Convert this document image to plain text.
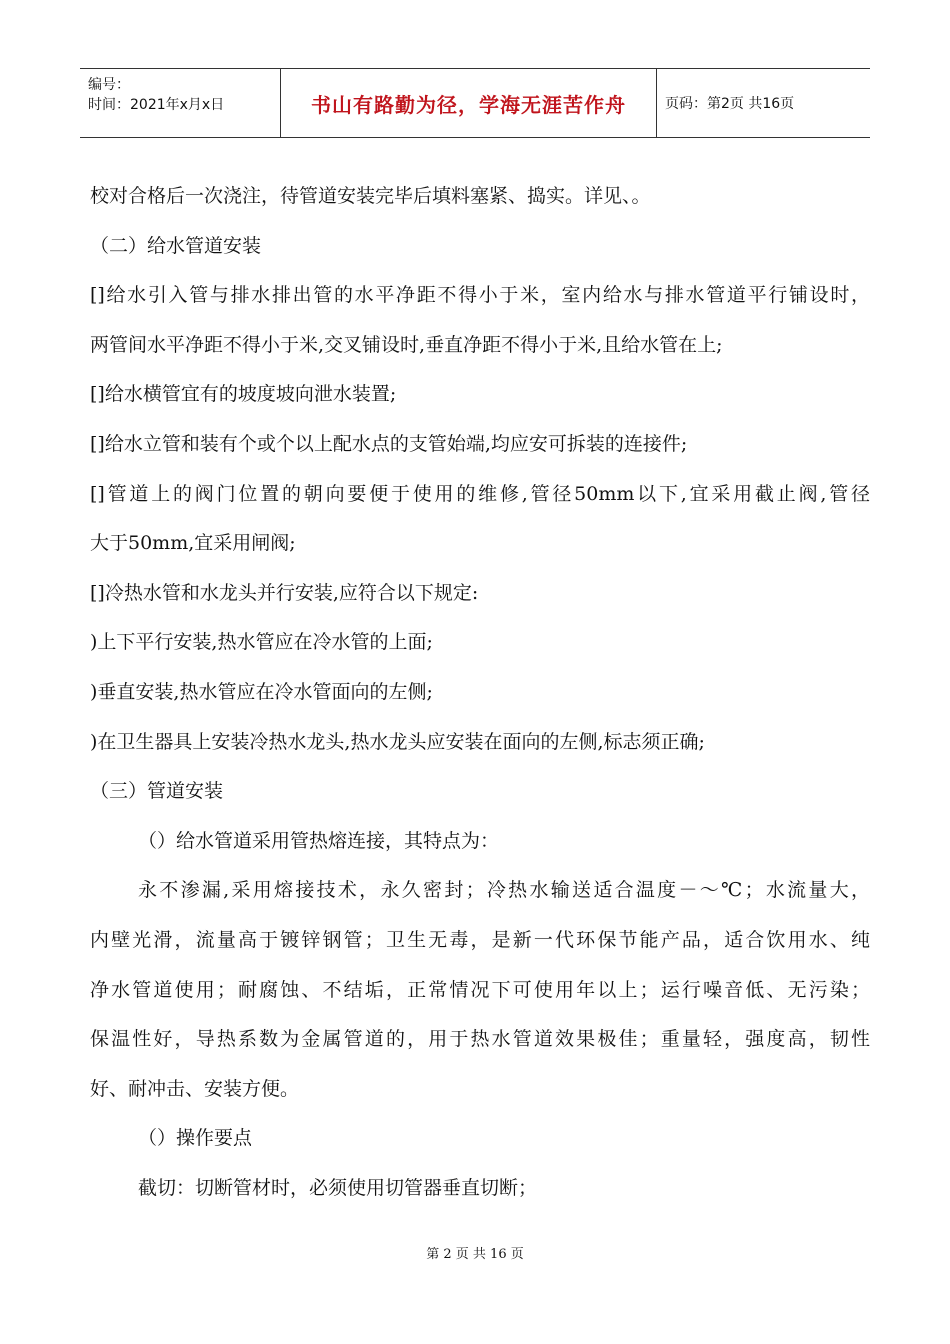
编号：
时间：2021年x月x日	书山有路勤为径，学海无涯苦作舟	页码：第2页 共16页
校对合格后一次浇注，待管道安装完毕后填料塞紧、捣实。详见、。
（二）给水管道安装
[]给水引入管与排水排出管的水平净距不得小于米，室内给水与排水管道平行铺设时，
两管间水平净距不得小于米,交叉铺设时,垂直净距不得小于米,且给水管在上;
[]给水横管宜有的坡度坡向泄水装置;
[]给水立管和装有个或个以上配水点的支管始端,均应安可拆装的连接件;
[]管道上的阀门位置的朝向要便于使用的维修,管径50mm以下,宜采用截止阀,管径
大于50mm,宜采用闸阀;
[]冷热水管和水龙头并行安装,应符合以下规定:
)上下平行安装,热水管应在冷水管的上面;
)垂直安装,热水管应在冷水管面向的左侧;
)在卫生器具上安装冷热水龙头,热水龙头应安装在面向的左侧,标志须正确;
（三）管道安装
（）给水管道采用管热熔连接，其特点为：
永不渗漏,采用熔接技术，永久密封；冷热水输送适合温度－～℃；水流量大，
内壁光滑，流量高于镀锌钢管；卫生无毒，是新一代环保节能产品，适合饮用水、纯
净水管道使用；耐腐蚀、不结垢，正常情况下可使用年以上；运行噪音低、无污染；
保温性好，导热系数为金属管道的，用于热水管道效果极佳；重量轻，强度高，韧性
好、耐冲击、安装方便。
（）操作要点
截切：切断管材时，必须使用切管器垂直切断；
第 2 页 共 16 页
